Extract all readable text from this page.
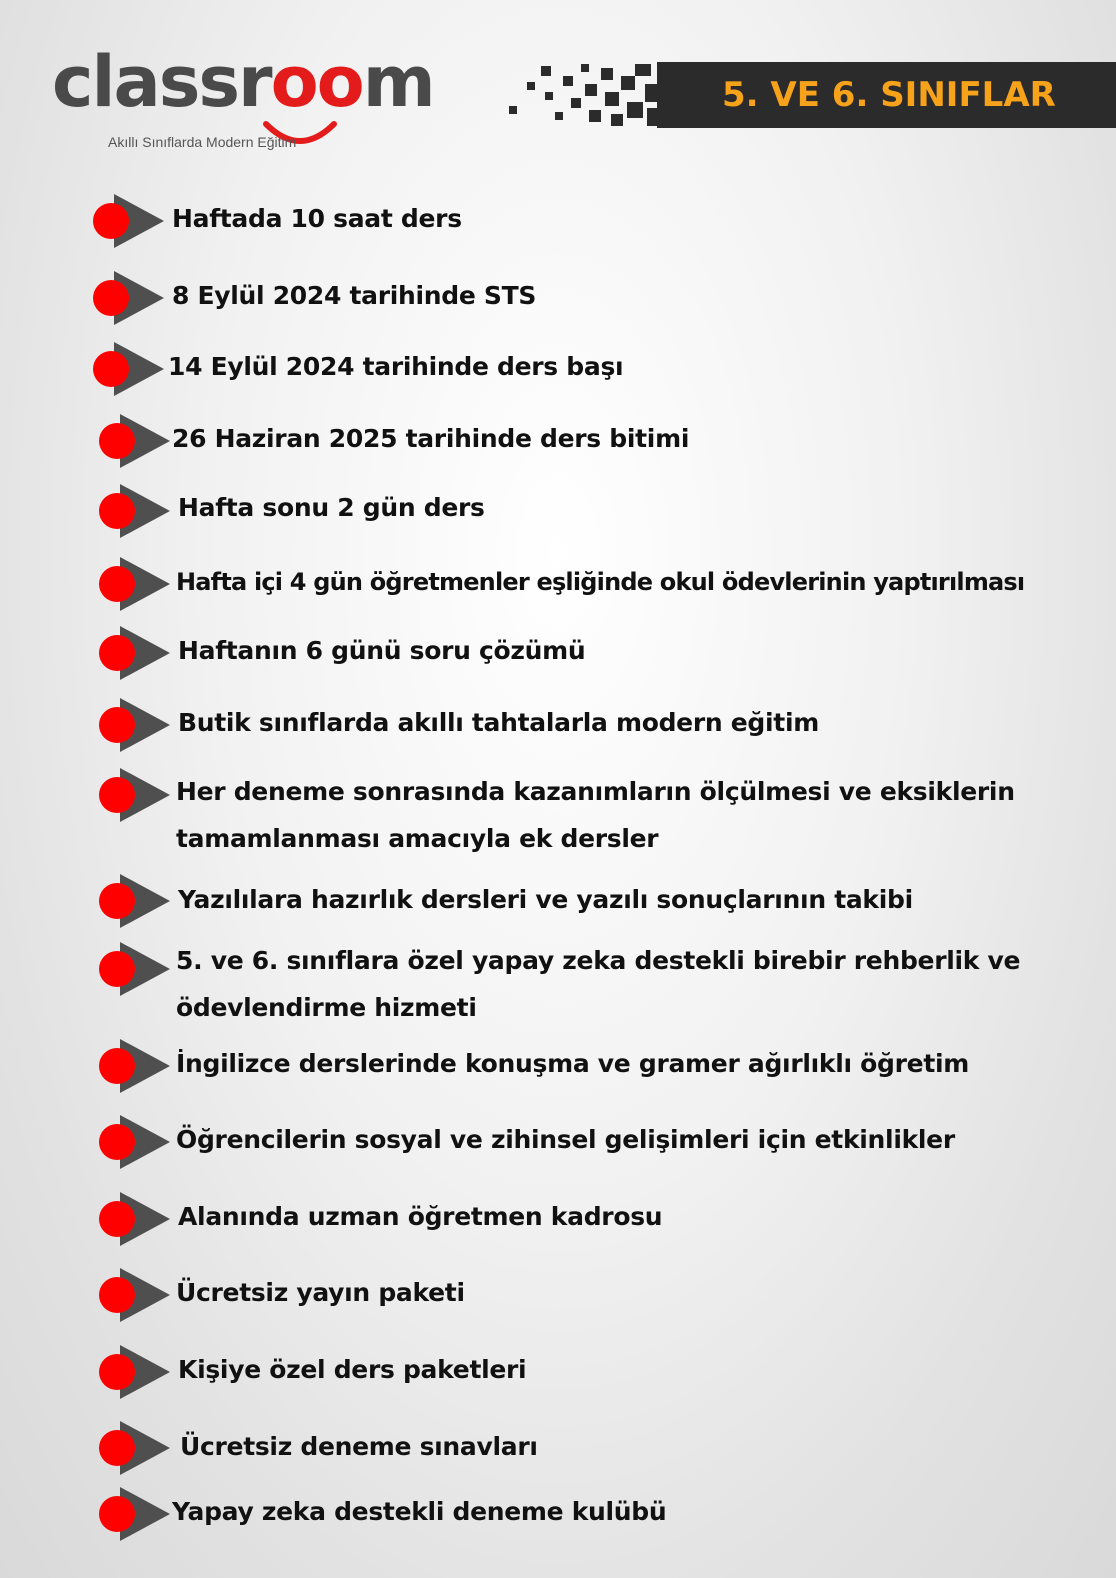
classroom
Akıllı Sınıflarda Modern Eğitim
5. VE 6. SINIFLAR
Haftada 10 saat ders
8 Eylül 2024 tarihinde STS
14 Eylül 2024 tarihinde ders başı
26 Haziran 2025 tarihinde ders bitimi
Hafta sonu 2 gün ders
Hafta içi 4 gün öğretmenler eşliğinde okul ödevlerinin yaptırılması
Haftanın 6 günü soru çözümü
Butik sınıflarda akıllı tahtalarla modern eğitim
Her deneme sonrasında kazanımların ölçülmesi ve eksiklerin tamamlanması amacıyla ek dersler
Yazılılara hazırlık dersleri ve yazılı sonuçlarının takibi
5. ve 6. sınıflara özel yapay zeka destekli birebir rehberlik ve ödevlendirme hizmeti
İngilizce derslerinde konuşma ve gramer ağırlıklı öğretim
Öğrencilerin sosyal ve zihinsel gelişimleri için etkinlikler
Alanında uzman öğretmen kadrosu
Ücretsiz yayın paketi
Kişiye özel ders paketleri
Ücretsiz deneme sınavları
Yapay zeka destekli deneme kulübü
